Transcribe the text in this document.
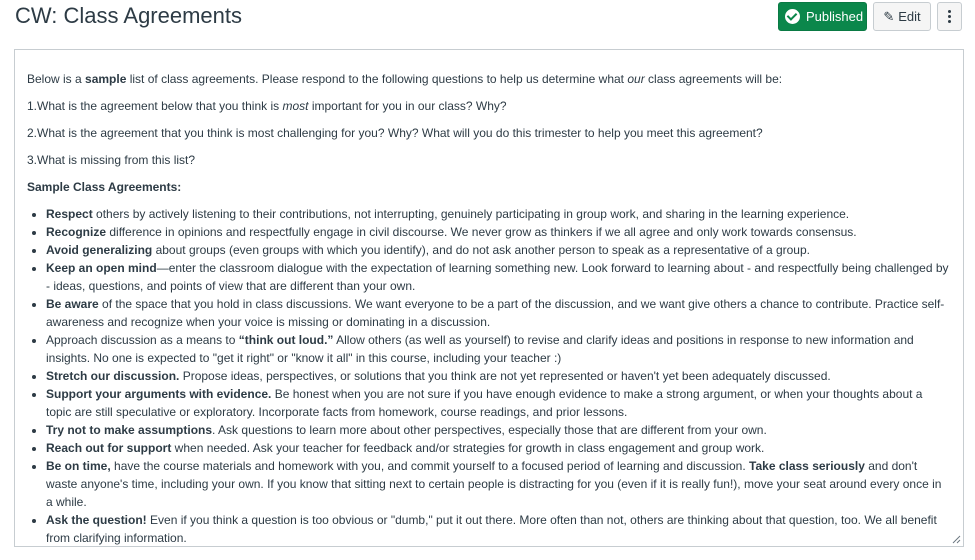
CW: Class Agreements	Published ✎ Edit

Below is a sample list of class agreements. Please respond to the following questions to help us determine what our class agreements will be:

1.What is the agreement below that you think is most important for you in our class? Why?

2.What is the agreement that you think is most challenging for you? Why? What will you do this trimester to help you meet this agreement?

3.What is missing from this list?

Sample Class Agreements:

• Respect others by actively listening to their contributions, not interrupting, genuinely participating in group work, and sharing in the learning experience.
• Recognize difference in opinions and respectfully engage in civil discourse. We never grow as thinkers if we all agree and only work towards consensus.
• Avoid generalizing about groups (even groups with which you identify), and do not ask another person to speak as a representative of a group.
• Keep an open mind—enter the classroom dialogue with the expectation of learning something new. Look forward to learning about - and respectfully being challenged by - ideas, questions, and points of view that are different than your own.
• Be aware of the space that you hold in class discussions. We want everyone to be a part of the discussion, and we want give others a chance to contribute. Practice self-awareness and recognize when your voice is missing or dominating in a discussion.
• Approach discussion as a means to “think out loud.” Allow others (as well as yourself) to revise and clarify ideas and positions in response to new information and insights. No one is expected to "get it right" or "know it all" in this course, including your teacher :)
• Stretch our discussion. Propose ideas, perspectives, or solutions that you think are not yet represented or haven't yet been adequately discussed.
• Support your arguments with evidence. Be honest when you are not sure if you have enough evidence to make a strong argument, or when your thoughts about a topic are still speculative or exploratory. Incorporate facts from homework, course readings, and prior lessons.
• Try not to make assumptions. Ask questions to learn more about other perspectives, especially those that are different from your own.
• Reach out for support when needed. Ask your teacher for feedback and/or strategies for growth in class engagement and group work.
• Be on time, have the course materials and homework with you, and commit yourself to a focused period of learning and discussion. Take class seriously and don't waste anyone's time, including your own. If you know that sitting next to certain people is distracting for you (even if it is really fun!), move your seat around every once in a while.
• Ask the question! Even if you think a question is too obvious or "dumb," put it out there. More often than not, others are thinking about that question, too. We all benefit from clarifying information.
